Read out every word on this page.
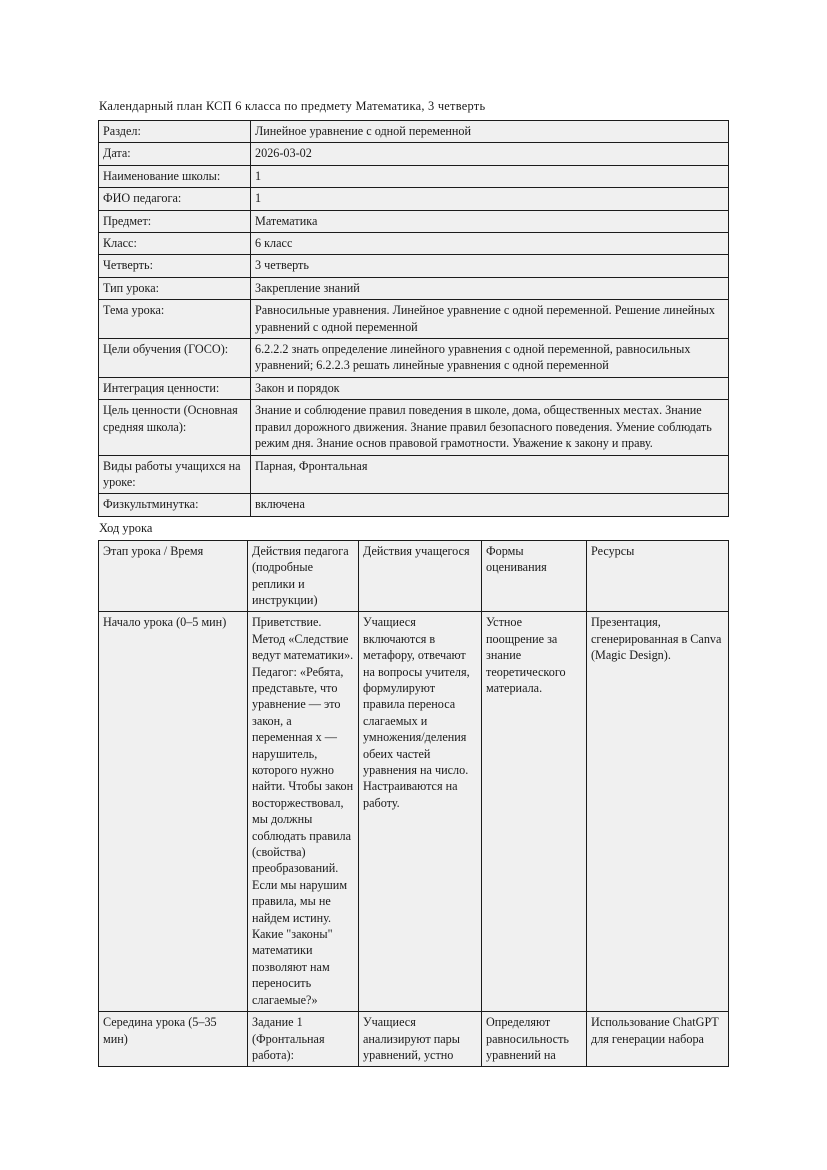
Календарный план КСП 6 класса по предмету Математика, 3 четверть
Раздел:	Линейное уравнение с одной переменной
Дата:	2026-03-02
Наименование школы:	1
ФИО педагога:	1
Предмет:	Математика
Класс:	6 класс
Четверть:	3 четверть
Тип урока:	Закрепление знаний
Тема урока:	Равносильные уравнения. Линейное уравнение с одной переменной. Решение линейных уравнений с одной переменной
Цели обучения (ГОСО):	6.2.2.2 знать определение линейного уравнения с одной переменной, равносильных уравнений; 6.2.2.3 решать линейные уравнения с одной переменной
Интеграция ценности:	Закон и порядок
Цель ценности (Основная средняя школа):	Знание и соблюдение правил поведения в школе, дома, общественных местах. Знание правил дорожного движения. Знание правил безопасного поведения. Умение соблюдать режим дня. Знание основ правовой грамотности. Уважение к закону и праву.
Виды работы учащихся на уроке:	Парная, Фронтальная
Физкультминутка:	включена
Ход урока
Этап урока / Время	Действия педагога (подробные реплики и инструкции)	Действия учащегося	Формы оценивания	Ресурсы
Начало урока (0–5 мин)	Приветствие. Метод «Следствие ведут математики». Педагог: «Ребята, представьте, что уравнение — это закон, а переменная х — нарушитель, которого нужно найти. Чтобы закон восторжествовал, мы должны соблюдать правила (свойства) преобразований. Если мы нарушим правила, мы не найдем истину. Какие "законы" математики позволяют нам переносить слагаемые?»	Учащиеся включаются в метафору, отвечают на вопросы учителя, формулируют правила переноса слагаемых и умножения/деления обеих частей уравнения на число. Настраиваются на работу.	Устное поощрение за знание теоретического материала.	Презентация, сгенерированная в Canva (Magic Design).
Середина урока (5–35 мин)	Задание 1 (Фронтальная работа):	Учащиеся анализируют пары уравнений, устно	Определяют равносильность уравнений на	Использование ChatGPT для генерации набора
